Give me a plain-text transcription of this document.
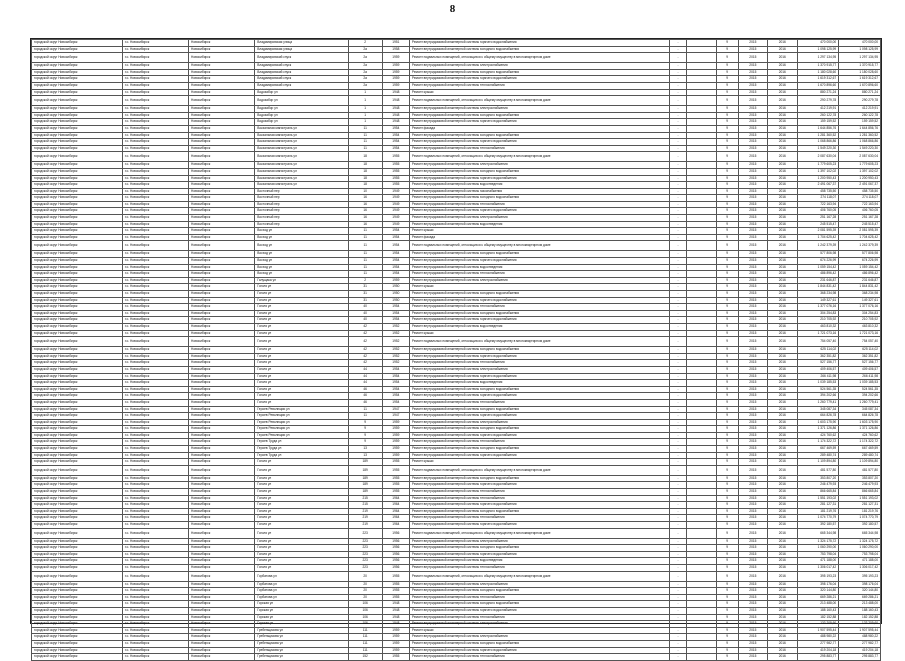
8
городской округ Новосибирск	г.о. Новосибирск	Новосибирск	Владимировская улица	2	1951	Ремонт внутридомовой инженерной системы горячего водоснабжения	-		9	2015	2016	470 000,00	470 000,00
городской округ Новосибирск	г.о. Новосибирск	Новосибирск	Владимировская улица	2а	1958	Ремонт внутридомовой инженерной системы холодного водоснабжения	-		9	2015	2016	1 098 125,99	1 098 125,99
городской округ Новосибирск	г.о. Новосибирск	Новосибирск	Владимировский спуск	2а	1959	Ремонт подвальных помещений, относящихся к общему имуществу в многоквартирном доме	-		9	2015	2016	1 297 134,95	1 297 134,95
городской округ Новосибирск	г.о. Новосибирск	Новосибирск	Владимировский спуск	2а	1959	Ремонт внутридомовой инженерной системы электроснабжения	-		9	2015	2016	1 370 915,77	1 370 915,77
городской округ Новосибирск	г.о. Новосибирск	Новосибирск	Владимировский спуск	2а	1959	Ремонт внутридомовой инженерной системы холодного водоснабжения	-		9	2015	2016	1 180 028,60	1 180 028,60
городской округ Новосибирск	г.о. Новосибирск	Новосибирск	Владимировский спуск	2а	1959	Ремонт внутридомовой инженерной системы горячего водоснабжения	-		9	2015	2016	1 619 312,67	1 619 312,67
городской округ Новосибирск	г.о. Новосибирск	Новосибирск	Владимировский спуск	2а	1959	Ремонт внутридомовой инженерной системы теплоснабжения	-		9	2015	2016	1 670 896,60	1 670 896,60
городской округ Новосибирск	г.о. Новосибирск	Новосибирск	Водозабор ул	1	1948	Ремонт крыши	-		9	2015	2016	880 271,24	880 271,24
городской округ Новосибирск	г.о. Новосибирск	Новосибирск	Водозабор ул	1	1948	Ремонт подвальных помещений, относящихся к общему имуществу в многоквартирном доме	-		9	2015	2016	290 279,78	290 279,78
городской округ Новосибирск	г.о. Новосибирск	Новосибирск	Водозабор ул	1	1948	Ремонт внутридомовой инженерной системы электроснабжения	-		9	2015	2016	412 219,91	412 219,91
городской округ Новосибирск	г.о. Новосибирск	Новосибирск	Водозабор ул	1	1948	Ремонт внутридомовой инженерной системы холодного водоснабжения	-		9	2015	2016	260 122,78	260 122,78
городской округ Новосибирск	г.о. Новосибирск	Новосибирск	Водозабор ул	1	1948	Ремонт внутридомовой инженерной системы горячего водоснабжения	-		9	2015	2016	159 159,52	159 159,52
городской округ Новосибирск	г.о. Новосибирск	Новосибирск	Вокзальная магистраль ул	11	1954	Ремонт фасада	-		9	2015	2016	1 644 856,76	1 644 856,76
городской округ Новосибирск	г.о. Новосибирск	Новосибирск	Вокзальная магистраль ул	11	1954	Ремонт внутридомовой инженерной системы холодного водоснабжения	-		9	2015	2016	1 281 360,52	1 281 360,52
городской округ Новосибирск	г.о. Новосибирск	Новосибирск	Вокзальная магистраль ул	11	1954	Ремонт внутридомовой инженерной системы горячего водоснабжения	-		9	2015	2016	1 068 866,86	1 068 866,86
городской округ Новосибирск	г.о. Новосибирск	Новосибирск	Вокзальная магистраль ул	11	1954	Ремонт внутридомовой инженерной системы теплоснабжения	-		9	2015	2016	1 549 220,30	1 549 220,30
городской округ Новосибирск	г.о. Новосибирск	Новосибирск	Вокзальная магистраль ул	18	1955	Ремонт подвальных помещений, относящихся к общему имуществу в многоквартирном доме	-		9	2015	2016	2 087 630,04	2 087 630,04
городской округ Новосибирск	г.о. Новосибирск	Новосибирск	Вокзальная магистраль ул	18	1955	Ремонт внутридомовой инженерной системы электроснабжения	-		9	2015	2016	1 779 605,23	1 779 605,23
городской округ Новосибирск	г.о. Новосибирск	Новосибирск	Вокзальная магистраль ул	18	1955	Ремонт внутридомовой инженерной системы холодного водоснабжения	-		9	2015	2016	1 397 102,02	1 397 102,02
городской округ Новосибирск	г.о. Новосибирск	Новосибирск	Вокзальная магистраль ул	18	1955	Ремонт внутридомовой инженерной системы горячего водоснабжения	-		9	2015	2016	1 200 950,43	1 200 950,43
городской округ Новосибирск	г.о. Новосибирск	Новосибирск	Вокзальная магистраль ул	18	1955	Ремонт внутридомовой инженерной системы водоотведения	-		9	2015	2016	2 491 067,37	2 491 067,37
городской округ Новосибирск	г.о. Новосибирск	Новосибирск	Восточный пер	10	1949	Ремонт внутридомовой инженерной системы газоснабжения	-		9	2015	2016	458 735,50	458 735,50
городской округ Новосибирск	г.о. Новосибирск	Новосибирск	Восточный пер	16	1949	Ремонт внутридомовой инженерной системы холодного водоснабжения	-		9	2015	2016	274 118,07	274 118,07
городской округ Новосибирск	г.о. Новосибирск	Новосибирск	Восточный пер	16	1949	Ремонт внутридомовой инженерной системы теплоснабжения	-		9	2015	2016	722 163,94	722 163,94
городской округ Новосибирск	г.о. Новосибирск	Новосибирск	Восточный пер	16	1949	Ремонт внутридомовой инженерной системы горячего водоснабжения	-		9	2015	2016	406 760,05	406 760,05
городской округ Новосибирск	г.о. Новосибирск	Новосибирск	Восточный пер	16	1949	Ремонт внутридомовой инженерной системы электроснабжения	-		9	2015	2016	251 167,28	251 167,28
городской округ Новосибирск	г.о. Новосибирск	Новосибирск	Восточный пер	16	1949	Ремонт внутридомовой инженерной системы водоотведения	-		9	2015	2016	245 515,47	245 515,47
городской округ Новосибирск	г.о. Новосибирск	Новосибирск	Восход ул	11	1954	Ремонт крыши	-		9	2015	2016	2 081 595,39	2 081 595,39
городской округ Новосибирск	г.о. Новосибирск	Новосибирск	Восход ул	11	1954	Ремонт фасада	-		9	2015	2016	1 704 625,42	1 704 625,42
городской округ Новосибирск	г.о. Новосибирск	Новосибирск	Восход ул	11	1954	Ремонт подвальных помещений, относящихся к общему имуществу в многоквартирном доме	-		9	2015	2016	1 242 379,39	1 242 379,39
городской округ Новосибирск	г.о. Новосибирск	Новосибирск	Восход ул	11	1954	Ремонт внутридомовой инженерной системы холодного водоснабжения	-		9	2015	2016	577 806,98	577 806,98
городской округ Новосибирск	г.о. Новосибирск	Новосибирск	Восход ул	11	1954	Ремонт внутридомовой инженерной системы горячего водоснабжения	-		9	2015	2016	674 226,99	674 226,99
городской округ Новосибирск	г.о. Новосибирск	Новосибирск	Восход ул	11	1954	Ремонт внутридомовой инженерной системы водоотведения	-		9	2015	2016	1 059 154,42	1 059 154,42
городской округ Новосибирск	г.о. Новосибирск	Новосибирск	Восход ул	11	1954	Ремонт внутридомовой инженерной системы теплоснабжения	-		9	2015	2016	486 896,42	486 896,42
городской округ Новосибирск	г.о. Новосибирск	Новосибирск	Галущака ул	2	1959	Ремонт внутридомовой инженерной системы электроснабжения	-		9	2015	2016	231 646,87	231 646,87
городской округ Новосибирск	г.о. Новосибирск	Новосибирск	Гоголя ул	31	1950	Ремонт крыши	-		9	2015	2016	1 844 831,42	1 844 831,42
городской округ Новосибирск	г.о. Новосибирск	Новосибирск	Гоголя ул	31	1950	Ремонт внутридомовой инженерной системы холодного водоснабжения	-		9	2015	2016	368 234,98	368 234,98
городской округ Новосибирск	г.о. Новосибирск	Новосибирск	Гоголя ул	31	1950	Ремонт внутридомовой инженерной системы горячего водоснабжения	-		9	2015	2016	149 327,61	149 327,61
городской округ Новосибирск	г.о. Новосибирск	Новосибирск	Гоголя ул	40	1954	Ремонт внутридомовой инженерной системы теплоснабжения	-		9	2015	2016	1 377 076,16	1 377 076,16
городской округ Новосибирск	г.о. Новосибирск	Новосибирск	Гоголя ул	40	1954	Ремонт внутридомовой инженерной системы холодного водоснабжения	-		9	2015	2016	304 254,83	304 254,83
городской округ Новосибирск	г.о. Новосибирск	Новосибирск	Гоголя ул	40	1954	Ремонт внутридомовой инженерной системы горячего водоснабжения	-		9	2015	2016	210 705,92	210 705,92
городской округ Новосибирск	г.о. Новосибирск	Новосибирск	Гоголя ул	42	1952	Ремонт внутридомовой инженерной системы водоотведения	-		9	2015	2016	463 810,32	463 810,32
городской округ Новосибирск	г.о. Новосибирск	Новосибирск	Гоголя ул	42	1952	Ремонт крыши	-		9	2015	2016	1 721 073,16	1 721 073,16
городской округ Новосибирск	г.о. Новосибирск	Новосибирск	Гоголя ул	42	1952	Ремонт подвальных помещений, относящихся к общему имуществу в многоквартирном доме	-		9	2015	2016	754 057,40	754 057,40
городской округ Новосибирск	г.о. Новосибирск	Новосибирск	Гоголя ул	42	1952	Ремонт внутридомовой инженерной системы холодного водоснабжения	-		9	2015	2016	625 114,02	625 114,02
городской округ Новосибирск	г.о. Новосибирск	Новосибирск	Гоголя ул	42	1952	Ремонт внутридомовой инженерной системы горячего водоснабжения	-		9	2015	2016	362 351,82	362 351,82
городской округ Новосибирск	г.о. Новосибирск	Новосибирск	Гоголя ул	42	1952	Ремонт внутридомовой инженерной системы теплоснабжения	-		9	2015	2016	527 156,77	527 156,77
городской округ Новосибирск	г.о. Новосибирск	Новосибирск	Гоголя ул	44	1954	Ремонт внутридомовой инженерной системы электроснабжения	-		9	2015	2016	409 406,57	409 406,57
городской округ Новосибирск	г.о. Новосибирск	Новосибирск	Гоголя ул	44	1954	Ремонт внутридомовой инженерной системы горячего водоснабжения	-		9	2015	2016	266 411,98	266 411,98
городской округ Новосибирск	г.о. Новосибирск	Новосибирск	Гоголя ул	44	1954	Ремонт внутридомовой инженерной системы водоотведения	-		9	2015	2016	1 039 185,53	1 039 185,53
городской округ Новосибирск	г.о. Новосибирск	Новосибирск	Гоголя ул	46	1954	Ремонт внутридомовой инженерной системы холодного водоснабжения	-		9	2015	2016	524 561,35	524 561,35
городской округ Новосибирск	г.о. Новосибирск	Новосибирск	Гоголя ул	46	1954	Ремонт внутридомовой инженерной системы горячего водоснабжения	-		9	2015	2016	394 202,66	394 202,66
городской округ Новосибирск	г.о. Новосибирск	Новосибирск	Гоголя ул	46	1954	Ремонт внутридомовой инженерной системы теплоснабжения	-		9	2015	2016	1 260 779,41	1 260 779,41
городской округ Новосибирск	г.о. Новосибирск	Новосибирск	Героев Революции ул	11	1947	Ремонт внутридомовой инженерной системы холодного водоснабжения	-		9	2015	2016	345 087,34	345 087,34
городской округ Новосибирск	г.о. Новосибирск	Новосибирск	Героев Революции ул	11	1947	Ремонт внутридомовой инженерной системы горячего водоснабжения	-		9	2015	2016	664 826,78	664 826,78
городской округ Новосибирск	г.о. Новосибирск	Новосибирск	Героев Революции ул	9	1959	Ремонт внутридомовой инженерной системы электроснабжения	-		9	2015	2016	1 603 175,90	1 603 175,90
городской округ Новосибирск	г.о. Новосибирск	Новосибирск	Героев Революции ул	9	1959	Ремонт внутридомовой инженерной системы холодного водоснабжения	-		9	2015	2016	1 371 126,86	1 371 126,86
городской округ Новосибирск	г.о. Новосибирск	Новосибирск	Героев Революции ул	9	1959	Ремонт внутридомовой инженерной системы горячего водоснабжения	-		9	2015	2016	424 760,62	424 760,62
городской округ Новосибирск	г.о. Новосибирск	Новосибирск	Героев Труда ул	9	1959	Ремонт внутридомовой инженерной системы теплоснабжения	-		9	2015	2016	1 174 322,72	1 174 322,72
городской округ Новосибирск	г.о. Новосибирск	Новосибирск	Героев Труда ул	13	1959	Ремонт внутридомовой инженерной системы холодного водоснабжения	-		9	2015	2016	667 469,59	667 469,59
городской округ Новосибирск	г.о. Новосибирск	Новосибирск	Героев Труда ул	13	1959	Ремонт внутридомовой инженерной системы горячего водоснабжения	-		9	2015	2016	289 480,74	289 480,74
городской округ Новосибирск	г.о. Новосибирск	Новосибирск	Гоголя ул	189	1955	Ремонт крыши	-		9	2015	2016	1 109 894,80	1 109 894,80
городской округ Новосибирск	г.о. Новосибирск	Новосибирск	Гоголя ул	189	1955	Ремонт подвальных помещений, относящихся к общему имуществу в многоквартирном доме	-		9	2015	2016	481 577,80	481 577,80
городской округ Новосибирск	г.о. Новосибирск	Новосибирск	Гоголя ул	189	1955	Ремонт внутридомовой инженерной системы холодного водоснабжения	-		9	2015	2016	353 807,20	353 807,20
городской округ Новосибирск	г.о. Новосибирск	Новосибирск	Гоголя ул	189	1955	Ремонт внутридомовой инженерной системы горячего водоснабжения	-		9	2015	2016	246 479,93	246 479,93
городской округ Новосибирск	г.о. Новосибирск	Новосибирск	Гоголя ул	189	1955	Ремонт внутридомовой инженерной системы теплоснабжения	-		9	2015	2016	866 665,84	866 665,84
городской округ Новосибирск	г.о. Новосибирск	Новосибирск	Гоголя ул	215	1964	Ремонт внутридомовой инженерной системы теплоснабжения	-		9	2015	2016	1 551 193,02	1 551 193,02
городской округ Новосибирск	г.о. Новосибирск	Новосибирск	Гоголя ул	215	1964	Ремонт внутридомовой инженерной системы горячего водоснабжения	-		9	2015	2016	281 127,31	281 127,31
городской округ Новосибирск	г.о. Новосибирск	Новосибирск	Гоголя ул	219	1964	Ремонт внутридомовой инженерной системы холодного водоснабжения	-		9	2015	2016	181 219,76	181 219,76
городской округ Новосибирск	г.о. Новосибирск	Новосибирск	Гоголя ул	219	1964	Ремонт внутридомовой инженерной системы теплоснабжения	-		9	2015	2016	1 074 770,79	1 074 770,79
городской округ Новосибирск	г.о. Новосибирск	Новосибирск	Гоголя ул	219	1964	Ремонт внутридомовой инженерной системы горячего водоснабжения	-		9	2015	2016	392 180,57	392 180,57
городской округ Новосибирск	г.о. Новосибирск	Новосибирск	Гоголя ул	223	1956	Ремонт подвальных помещений, относящихся к общему имуществу в многоквартирном доме	-		9	2015	2016	665 344,98	665 344,98
городской округ Новосибирск	г.о. Новосибирск	Новосибирск	Гоголя ул	223	1956	Ремонт внутридомовой инженерной системы электроснабжения	-		9	2015	2016	1 324 175,72	1 324 175,72
городской округ Новосибирск	г.о. Новосибирск	Новосибирск	Гоголя ул	223	1956	Ремонт внутридомовой инженерной системы холодного водоснабжения	-		9	2015	2016	1 060 290,00	1 060 290,00
городской округ Новосибирск	г.о. Новосибирск	Новосибирск	Гоголя ул	223	1956	Ремонт внутридомовой инженерной системы горячего водоснабжения	-		9	2015	2016	753 798,04	753 798,04
городской округ Новосибирск	г.о. Новосибирск	Новосибирск	Гоголя ул	223	1956	Ремонт внутридомовой инженерной системы водоотведения	-		9	2015	2016	471 188,00	471 188,00
городской округ Новосибирск	г.о. Новосибирск	Новосибирск	Гоголя ул	223	1956	Ремонт внутридомовой инженерной системы теплоснабжения	-		9	2015	2016	1 306 017,42	1 306 017,42
городской округ Новосибирск	г.о. Новосибирск	Новосибирск	Горбатова ул	20	1955	Ремонт подвальных помещений, относящихся к общему имуществу в многоквартирном доме	-		9	2015	2016	395 193,23	395 193,23
городской округ Новосибирск	г.о. Новосибирск	Новосибирск	Горбатова ул	20	1955	Ремонт внутридомовой инженерной системы электроснабжения	-		9	2015	2016	398 176,04	398 176,04
городской округ Новосибирск	г.о. Новосибирск	Новосибирск	Горбатова ул	20	1955	Ремонт внутридомовой инженерной системы холодного водоснабжения	-		9	2015	2016	320 144,80	320 144,80
городской округ Новосибирск	г.о. Новосибирск	Новосибирск	Горбатова ул	20	1955	Ремонт внутридомовой инженерной системы теплоснабжения	-		9	2015	2016	669 286,21	669 286,21
городской округ Новосибирск	г.о. Новосибирск	Новосибирск	Горская ул	106	1948	Ремонт внутридомовой инженерной системы холодного водоснабжения	-		9	2015	2016	213 488,00	213 488,00
городской округ Новосибирск	г.о. Новосибирск	Новосибирск	Горская ул	106	1948	Ремонт внутридомовой инженерной системы горячего водоснабжения	-		9	2015	2016	188 160,43	188 160,43
городской округ Новосибирск	г.о. Новосибирск	Новосибирск	Горская ул	106	1948	Ремонт внутридомовой инженерной системы теплоснабжения	-		9	2015	2016	182 152,88	182 152,88
городской округ Новосибирск	г.о. Новосибирск	Новосибирск	Горская ул	106	1948	Ремонт внутридомовой инженерной системы электроснабжения	-		9	2015	2016	133 209,60	133 209,60
городской округ Новосибирск	г.о. Новосибирск	Новосибирск	Гребенщикова ул	111	1959	Ремонт крыши	-		9	2015	2016	1 907 595,44	1 907 595,44
городской округ Новосибирск	г.о. Новосибирск	Новосибирск	Гребенщикова ул	111	1959	Ремонт внутридомовой инженерной системы электроснабжения	-		9	2015	2016	488 980,22	488 980,22
городской округ Новосибирск	г.о. Новосибирск	Новосибирск	Гребенщикова ул	111	1959	Ремонт внутридомовой инженерной системы холодного водоснабжения	-		9	2015	2016	277 982,77	277 982,77
городской округ Новосибирск	г.о. Новосибирск	Новосибирск	Гребенщикова ул	111	1959	Ремонт внутридомовой инженерной системы горячего водоснабжения	-		9	2015	2016	419 204,18	419 204,18
городской округ Новосибирск	г.о. Новосибирск	Новосибирск	Гребенщикова ул	152	1955	Ремонт внутридомовой инженерной системы теплоснабжения	-		9	2015	2016	295 883,77	295 883,77
